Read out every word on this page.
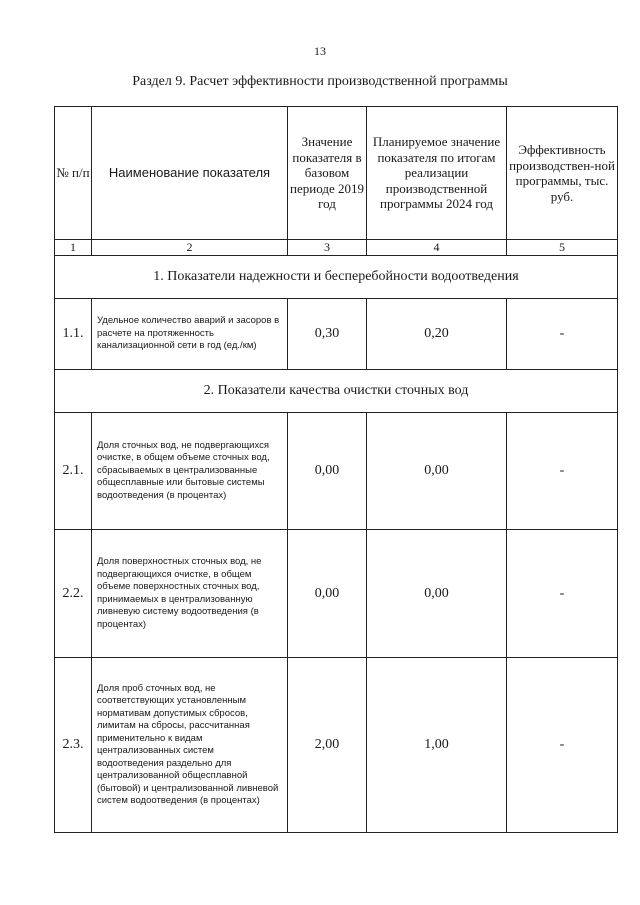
13
Раздел 9. Расчет эффективности производственной программы
№ п/п	Наименование показателя	Значение показателя в базовом периоде 2019 год	Планируемое значение показателя по итогам реализации производственной программы 2024 год	Эффективность производствен-ной программы, тыс. руб.
1	2	3	4	5
1. Показатели надежности и бесперебойности водоотведения				
1.1.	Удельное количество аварий и засоров в расчете на протяженность канализационной сети в год (ед./км)	0,30	0,20	-
2. Показатели качества очистки сточных вод				
2.1.	Доля сточных вод, не подвергающихся очистке, в общем объеме сточных вод, сбрасываемых в централизованные общесплавные или бытовые системы водоотведения (в процентах)	0,00	0,00	-
2.2.	Доля поверхностных сточных вод, не подвергающихся очистке, в общем объеме поверхностных сточных вод, принимаемых в централизованную ливневую систему водоотведения (в процентах)	0,00	0,00	-
2.3.	Доля проб сточных вод, не соответствующих установленным нормативам допустимых сбросов, лимитам на сбросы, рассчитанная применительно к видам централизованных систем водоотведения раздельно для централизованной общесплавной (бытовой) и централизованной ливневой систем водоотведения (в процентах)	2,00	1,00	-
